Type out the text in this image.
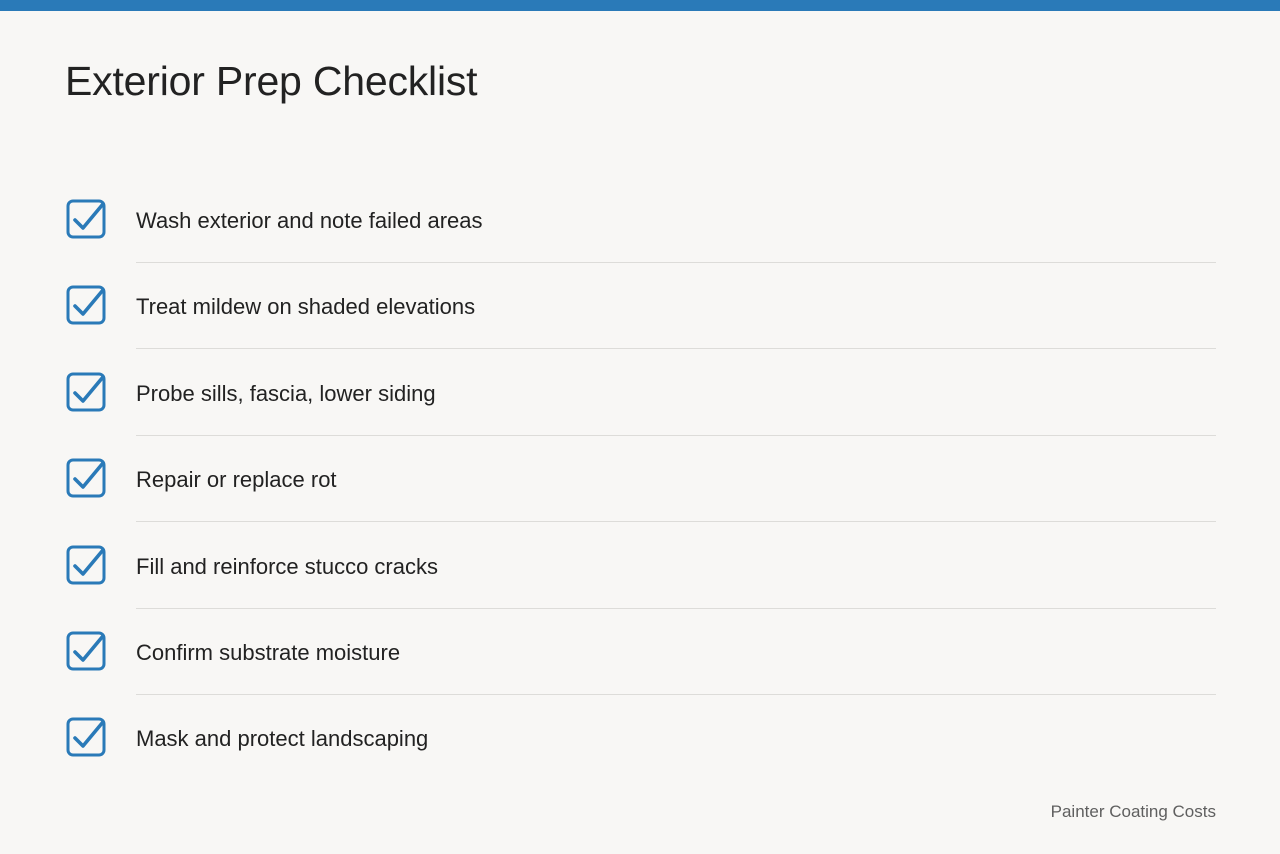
Exterior Prep Checklist
Wash exterior and note failed areas
Treat mildew on shaded elevations
Probe sills, fascia, lower siding
Repair or replace rot
Fill and reinforce stucco cracks
Confirm substrate moisture
Mask and protect landscaping
Painter Coating Costs
